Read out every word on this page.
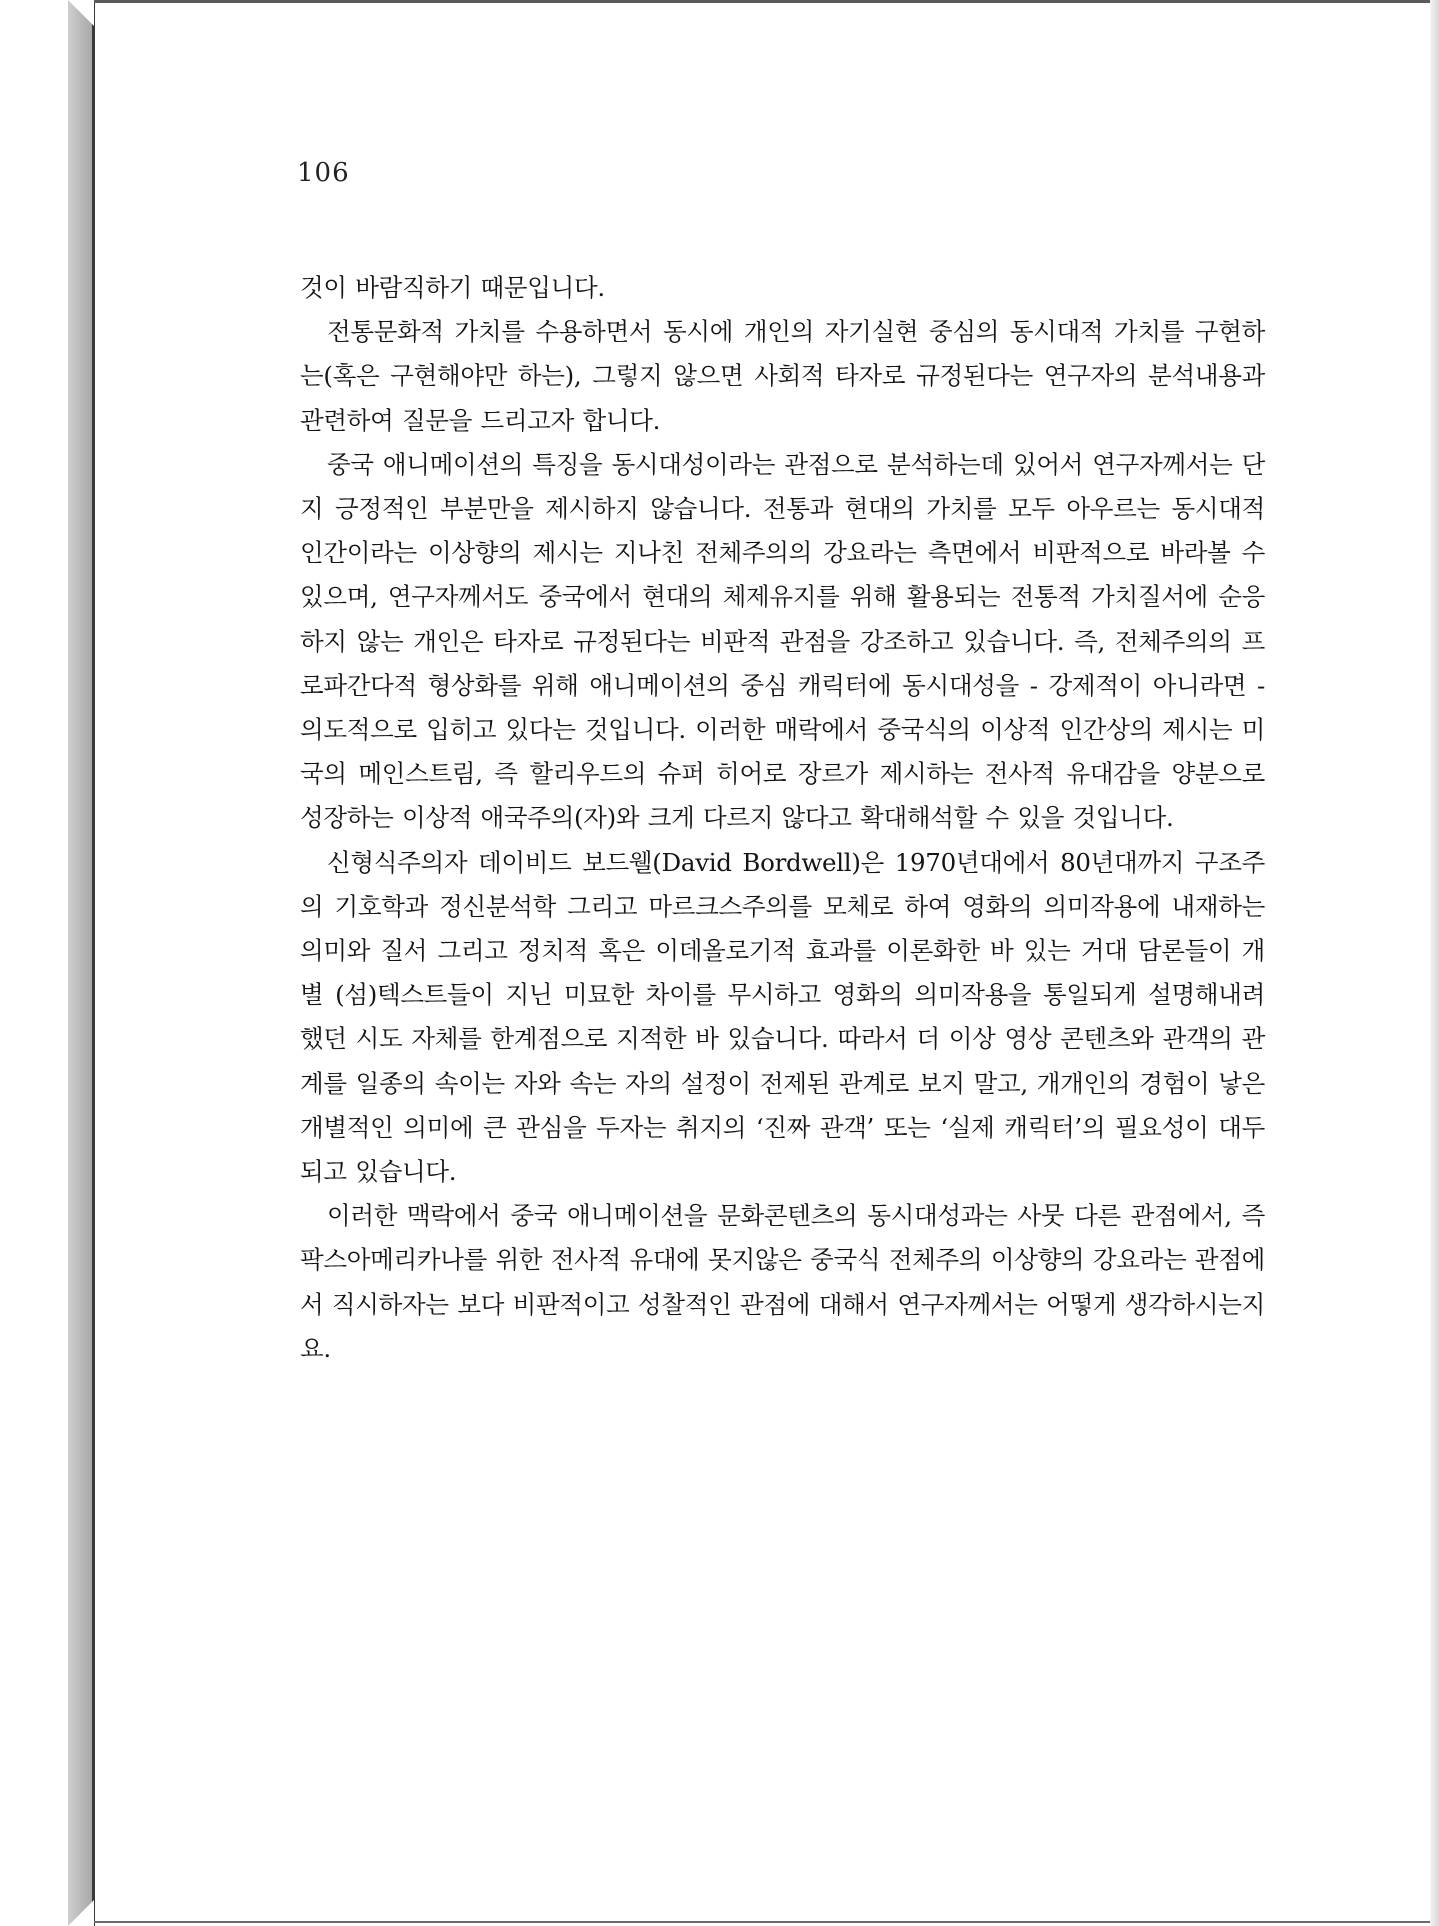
106

것이 바람직하기 때문입니다.

전통문화적 가치를 수용하면서 동시에 개인의 자기실현 중심의 동시대적 가치를 구현하는(혹은 구현해야만 하는), 그렇지 않으면 사회적 타자로 규정된다는 연구자의 분석내용과 관련하여 질문을 드리고자 합니다.

중국 애니메이션의 특징을 동시대성이라는 관점으로 분석하는데 있어서 연구자께서는 단지 긍정적인 부분만을 제시하지 않습니다. 전통과 현대의 가치를 모두 아우르는 동시대적 인간이라는 이상향의 제시는 지나친 전체주의의 강요라는 측면에서 비판적으로 바라볼 수 있으며, 연구자께서도 중국에서 현대의 체제유지를 위해 활용되는 전통적 가치질서에 순응하지 않는 개인은 타자로 규정된다는 비판적 관점을 강조하고 있습니다. 즉, 전체주의의 프로파간다적 형상화를 위해 애니메이션의 중심 캐릭터에 동시대성을 - 강제적이 아니라면 - 의도적으로 입히고 있다는 것입니다. 이러한 매락에서 중국식의 이상적 인간상의 제시는 미국의 메인스트림, 즉 할리우드의 슈퍼 히어로 장르가 제시하는 전사적 유대감을 양분으로 성장하는 이상적 애국주의(자)와 크게 다르지 않다고 확대해석할 수 있을 것입니다.

신형식주의자 데이비드 보드웰(David Bordwell)은 1970년대에서 80년대까지 구조주의 기호학과 정신분석학 그리고 마르크스주의를 모체로 하여 영화의 의미작용에 내재하는 의미와 질서 그리고 정치적 혹은 이데올로기적 효과를 이론화한 바 있는 거대 담론들이 개별 (섬)텍스트들이 지닌 미묘한 차이를 무시하고 영화의 의미작용을 통일되게 설명해내려 했던 시도 자체를 한계점으로 지적한 바 있습니다. 따라서 더 이상 영상 콘텐츠와 관객의 관계를 일종의 속이는 자와 속는 자의 설정이 전제된 관계로 보지 말고, 개개인의 경험이 낳은 개별적인 의미에 큰 관심을 두자는 취지의 ‘진짜 관객’ 또는 ‘실제 캐릭터’의 필요성이 대두되고 있습니다.

이러한 맥락에서 중국 애니메이션을 문화콘텐츠의 동시대성과는 사뭇 다른 관점에서, 즉 팍스아메리카나를 위한 전사적 유대에 못지않은 중국식 전체주의 이상향의 강요라는 관점에서 직시하자는 보다 비판적이고 성찰적인 관점에 대해서 연구자께서는 어떻게 생각하시는지요.
